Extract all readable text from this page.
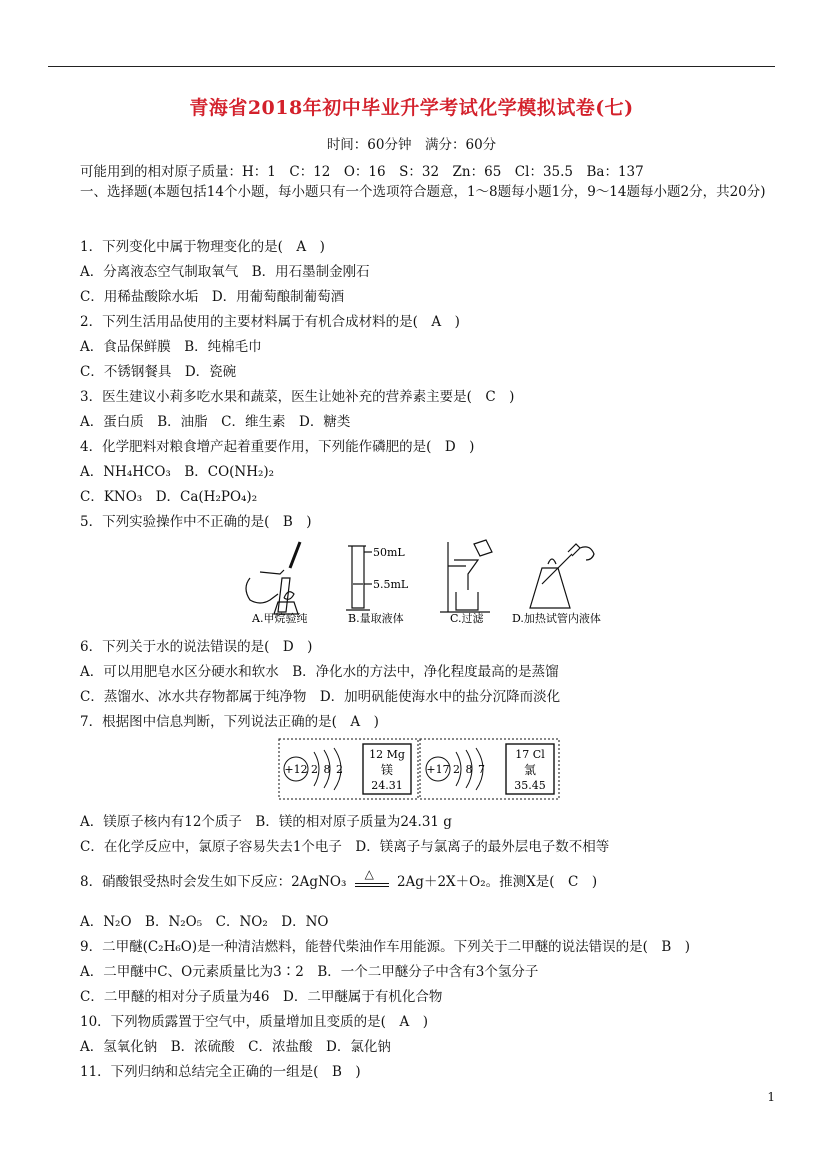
青海省2018年初中毕业升学考试化学模拟试卷(七)
时间：60分钟　满分：60分
可能用到的相对原子质量：H：1　C：12　O：16　S：32　Zn：65　Cl：35.5　Ba：137
一、选择题(本题包括14个小题，每小题只有一个选项符合题意，1～8题每小题1分，9～14题每小题2分，共20分)
1．下列变化中属于物理变化的是(　A　)
A．分离液态空气制取氧气　B．用石墨制金刚石
C．用稀盐酸除水垢　D．用葡萄酿制葡萄酒
2．下列生活用品使用的主要材料属于有机合成材料的是(　A　)
A．食品保鲜膜　B．纯棉毛巾
C．不锈钢餐具　D．瓷碗
3．医生建议小莉多吃水果和蔬菜，医生让她补充的营养素主要是(　C　)
A．蛋白质　B．油脂　C．维生素　D．糖类
4．化学肥料对粮食增产起着重要作用，下列能作磷肥的是(　D　)
A．NH₄HCO₃　B．CO(NH₂)₂
C．KNO₃　D．Ca(H₂PO₄)₂
5．下列实验操作中不正确的是(　B　)
A.甲烷验纯
50mL
5.5mL
B.量取液体	C.过滤	D.加热试管内液体
6．下列关于水的说法错误的是(　D　)
A．可以用肥皂水区分硬水和软水　B．净化水的方法中，净化程度最高的是蒸馏
C．蒸馏水、冰水共存物都属于纯净物　D．加明矾能使海水中的盐分沉降而淡化
7．根据图中信息判断，下列说法正确的是(　A　)
+12 2 8 2
12 Mg
镁
24.31
+17 2 8 7
17 Cl
氯
35.45
A．镁原子核内有12个质子　B．镁的相对原子质量为24.31 g
C．在化学反应中，氯原子容易失去1个电子　D．镁离子与氯离子的最外层电子数不相等
8．硝酸银受热时会发生如下反应：2AgNO₃
△
2Ag＋2X＋O₂。推测X是(　C　)
A．N₂O　B．N₂O₅　C．NO₂　D．NO
9．二甲醚(C₂H₆O)是一种清洁燃料，能替代柴油作车用能源。下列关于二甲醚的说法错误的是(　B　)
A．二甲醚中C、O元素质量比为3∶2　B．一个二甲醚分子中含有3个氢分子
C．二甲醚的相对分子质量为46　D．二甲醚属于有机化合物
10．下列物质露置于空气中，质量增加且变质的是(　A　)
A．氢氧化钠　B．浓硫酸　C．浓盐酸　D．氯化钠
11．下列归纳和总结完全正确的一组是(　B　)
1
